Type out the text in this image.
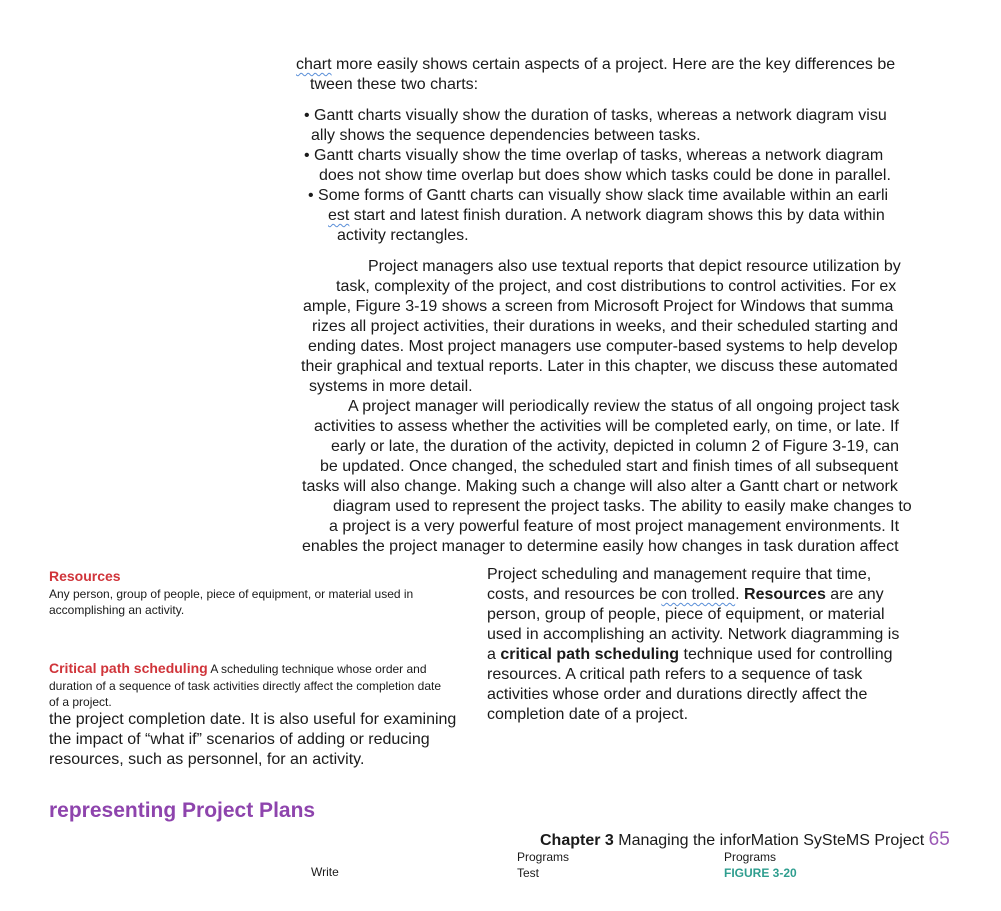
chart more easily shows certain aspects of a project. Here are the key differences be
tween these two charts:
• Gantt charts visually show the duration of tasks, whereas a network diagram visu
ally shows the sequence dependencies between tasks.
• Gantt charts visually show the time overlap of tasks, whereas a network diagram
does not show time overlap but does show which tasks could be done in parallel.
• Some forms of Gantt charts can visually show slack time available within an earli
est start and latest finish duration. A network diagram shows this by data within
activity rectangles.
Project managers also use textual reports that depict resource utilization by
task, complexity of the project, and cost distributions to control activities. For ex
ample, Figure 3-19 shows a screen from Microsoft Project for Windows that summa
rizes all project activities, their durations in weeks, and their scheduled starting and
ending dates. Most project managers use computer-based systems to help develop
their graphical and textual reports. Later in this chapter, we discuss these automated
systems in more detail.
A project manager will periodically review the status of all ongoing project task
activities to assess whether the activities will be completed early, on time, or late. If
early or late, the duration of the activity, depicted in column 2 of Figure 3-19, can
be updated. Once changed, the scheduled start and finish times of all subsequent
tasks will also change. Making such a change will also alter a Gantt chart or network
diagram used to represent the project tasks. The ability to easily make changes to
a project is a very powerful feature of most project management environments. It
enables the project manager to determine easily how changes in task duration affect
Resources
Any person, group of people, piece of equipment, or material used in
accomplishing an activity.
Critical path scheduling A scheduling technique whose order and
duration of a sequence of task activities directly affect the completion date
of a project.
Project scheduling and management require that time,
costs, and resources be con trolled. Resources are any
person, group of people, piece of equipment, or material
used in accomplishing an activity. Network diagramming is
a critical path scheduling technique used for controlling
resources. A critical path refers to a sequence of task
activities whose order and durations directly affect the
completion date of a project.
the project completion date. It is also useful for examining
the impact of “what if” scenarios of adding or reducing
resources, such as personnel, for an activity.
representing Project Plans
Chapter 3 Managing the inforMation SySteMS Project 65
Write
Programs
Test
Programs
FIGURE 3-20
